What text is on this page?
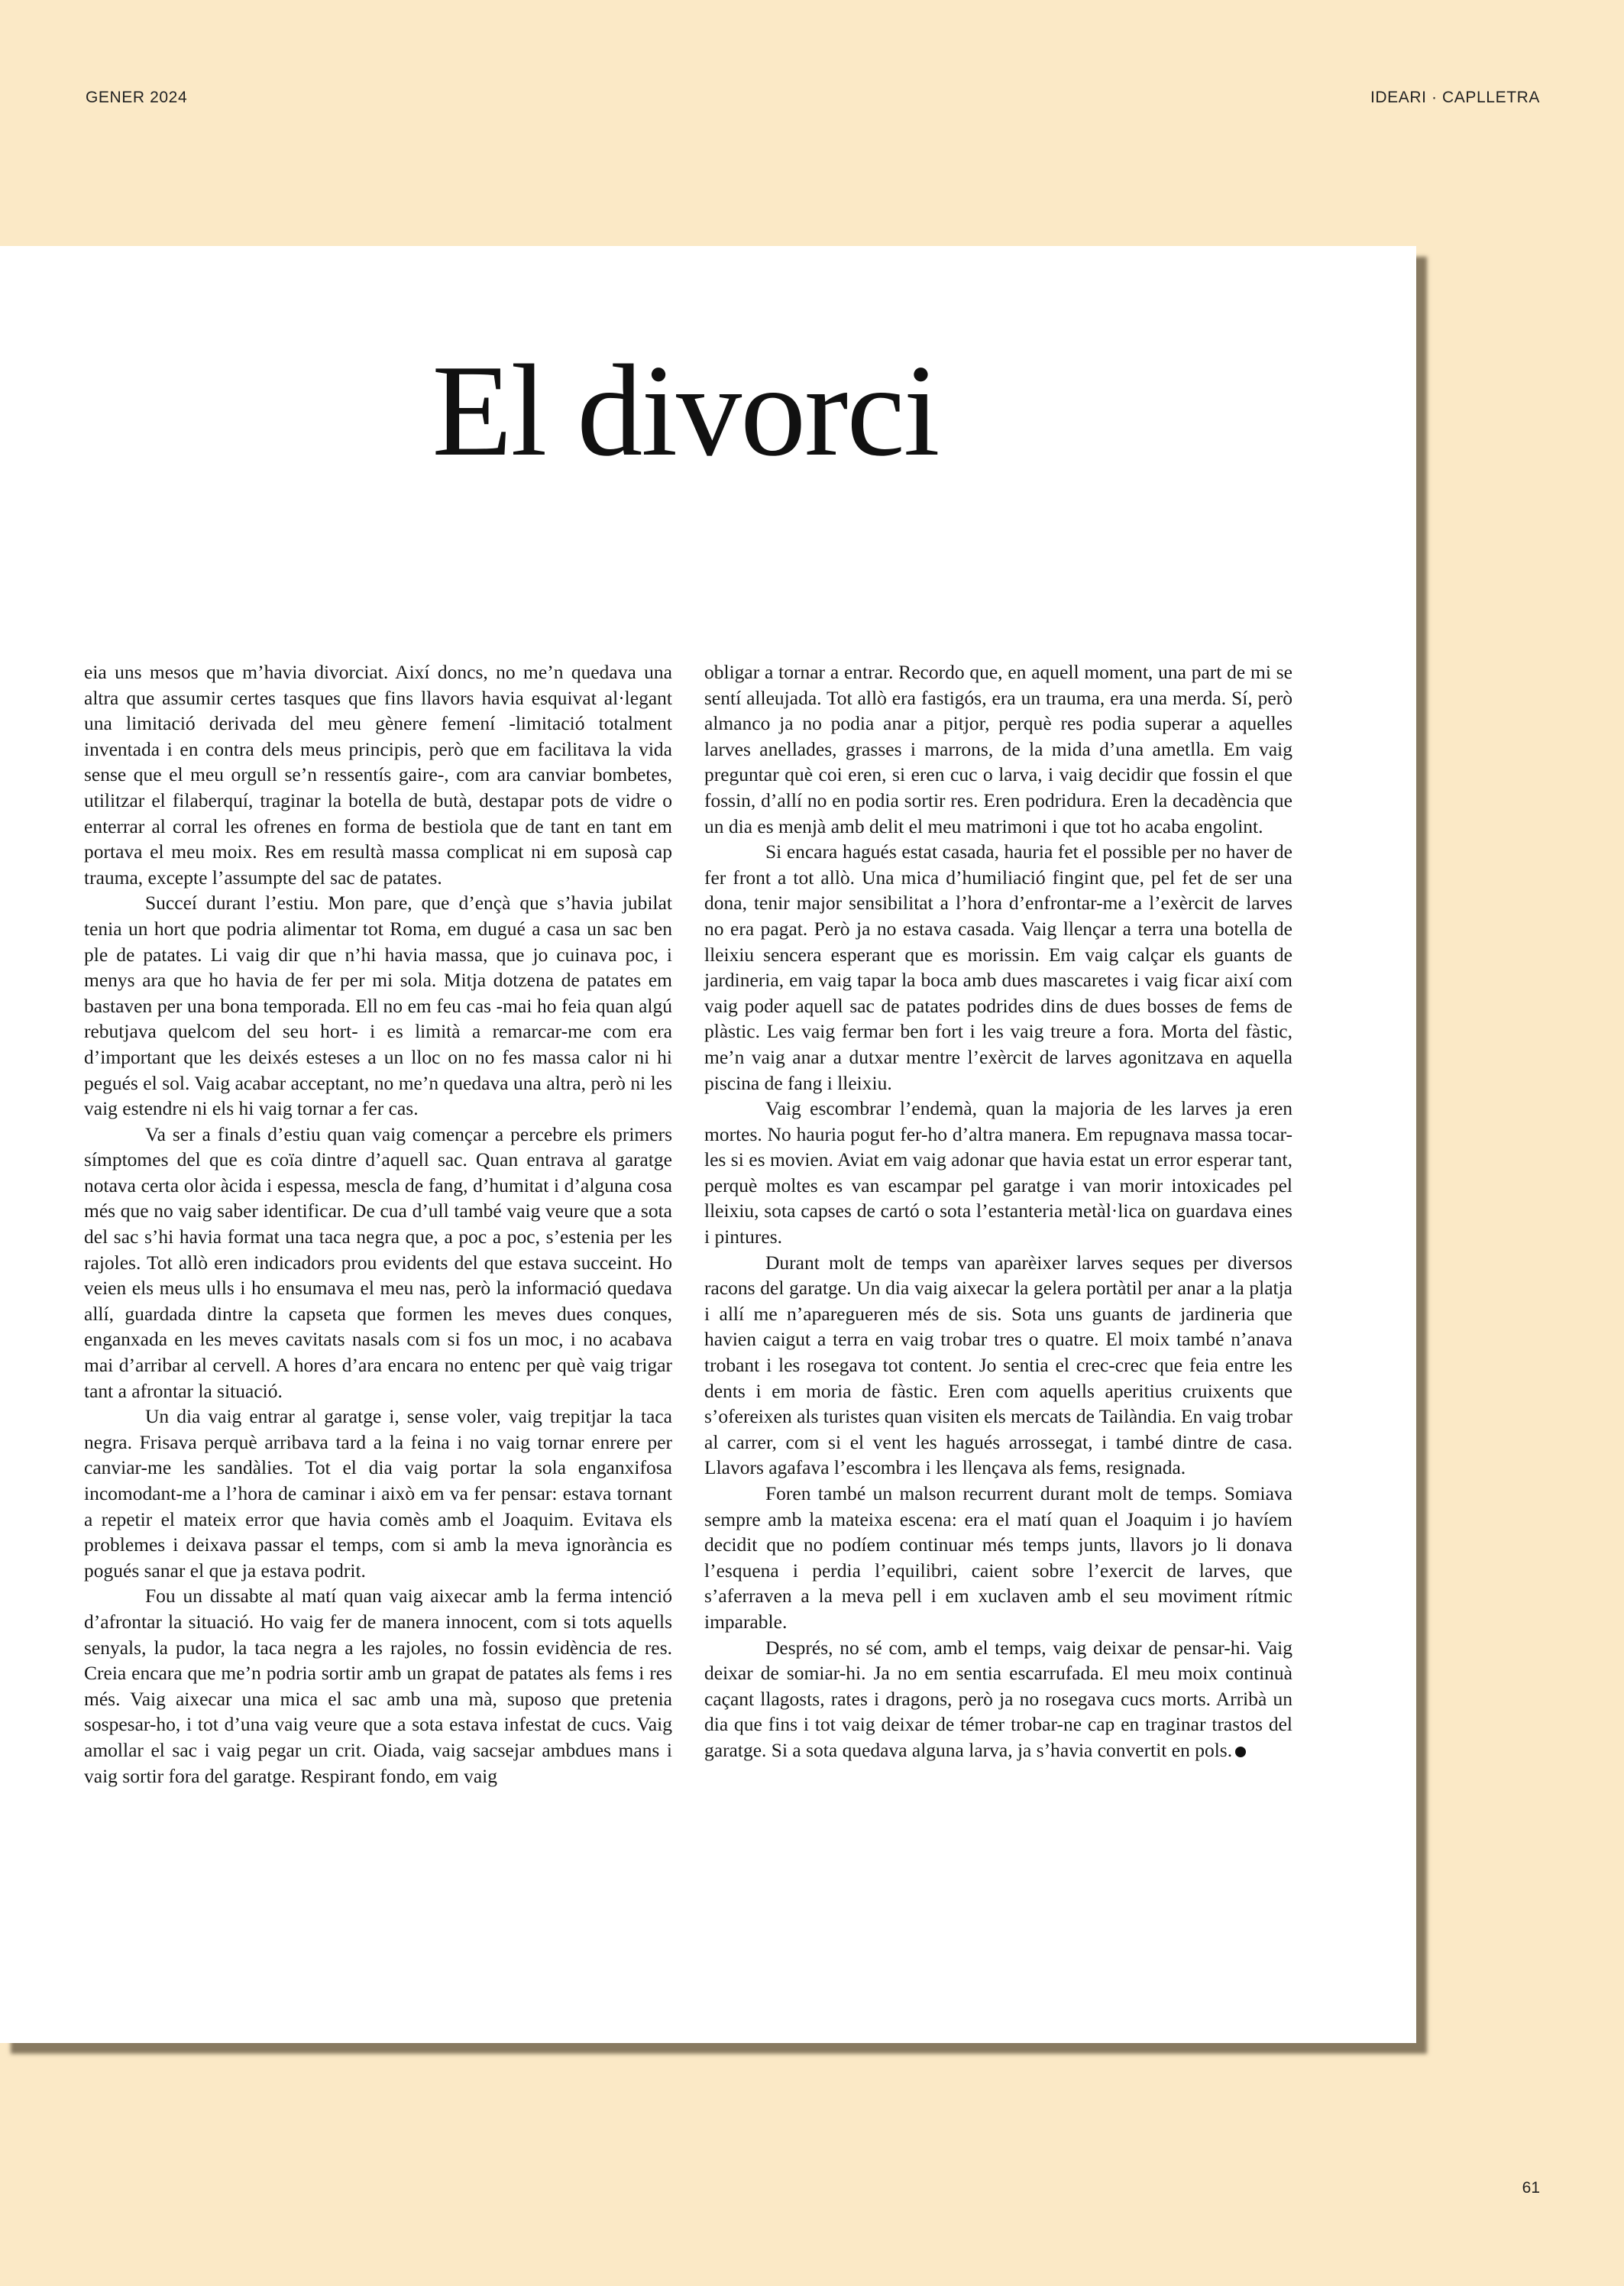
GENER 2024	IDEARI · CAPLLETRA
El divorci

eia uns mesos que m’havia divorciat. Així doncs, no me’n quedava una altra que assumir certes tasques que fins llavors havia esquivat al·legant una limitació derivada del meu gènere femení -limitació totalment inventada i en contra dels meus principis, però que em facilitava la vida sense que el meu orgull se’n ressentís gaire-, com ara canviar bombetes, utilitzar el filaberquí, traginar la botella de butà, destapar pots de vidre o enterrar al corral les ofrenes en forma de bestiola que de tant en tant em portava el meu moix. Res em resultà massa complicat ni em suposà cap trauma, excepte l’assumpte del sac de patates.

Succeí durant l’estiu. Mon pare, que d’ençà que s’havia jubilat tenia un hort que podria alimentar tot Roma, em dugué a casa un sac ben ple de patates. Li vaig dir que n’hi havia massa, que jo cuinava poc, i menys ara que ho havia de fer per mi sola. Mitja dotzena de patates em bastaven per una bona temporada. Ell no em feu cas -mai ho feia quan algú rebutjava quelcom del seu hort- i es limità a remarcar-me com era d’important que les deixés esteses a un lloc on no fes massa calor ni hi pegués el sol. Vaig acabar acceptant, no me’n quedava una altra, però ni les vaig estendre ni els hi vaig tornar a fer cas.

Va ser a finals d’estiu quan vaig començar a percebre els primers símptomes del que es coïa dintre d’aquell sac. Quan entrava al garatge notava certa olor àcida i espessa, mescla de fang, d’humitat i d’alguna cosa més que no vaig saber identificar. De cua d’ull també vaig veure que a sota del sac s’hi havia format una taca negra que, a poc a poc, s’estenia per les rajoles. Tot allò eren indicadors prou evidents del que estava succeint. Ho veien els meus ulls i ho ensumava el meu nas, però la informació quedava allí, guardada dintre la capseta que formen les meves dues conques, enganxada en les meves cavitats nasals com si fos un moc, i no acabava mai d’arribar al cervell. A hores d’ara encara no entenc per què vaig trigar tant a afrontar la situació.

Un dia vaig entrar al garatge i, sense voler, vaig trepitjar la taca negra. Frisava perquè arribava tard a la feina i no vaig tornar enrere per canviar-me les sandàlies. Tot el dia vaig portar la sola enganxifosa incomodant-me a l’hora de caminar i això em va fer pensar: estava tornant a repetir el mateix error que havia comès amb el Joaquim. Evitava els problemes i deixava passar el temps, com si amb la meva ignorància es pogués sanar el que ja estava podrit.

Fou un dissabte al matí quan vaig aixecar amb la ferma intenció d’afrontar la situació. Ho vaig fer de manera innocent, com si tots aquells senyals, la pudor, la taca negra a les rajoles, no fossin evidència de res. Creia encara que me’n podria sortir amb un grapat de patates als fems i res més. Vaig aixecar una mica el sac amb una mà, suposo que pretenia sospesar-ho, i tot d’una vaig veure que a sota estava infestat de cucs. Vaig amollar el sac i vaig pegar un crit. Oiada, vaig sacsejar ambdues mans i vaig sortir fora del garatge. Respirant fondo, em vaig

obligar a tornar a entrar. Recordo que, en aquell moment, una part de mi se sentí alleujada. Tot allò era fastigós, era un trauma, era una merda. Sí, però almanco ja no podia anar a pitjor, perquè res podia superar a aquelles larves anellades, grasses i marrons, de la mida d’una ametlla. Em vaig preguntar què coi eren, si eren cuc o larva, i vaig decidir que fossin el que fossin, d’allí no en podia sortir res. Eren podridura. Eren la decadència que un dia es menjà amb delit el meu matrimoni i que tot ho acaba engolint.

Si encara hagués estat casada, hauria fet el possible per no haver de fer front a tot allò. Una mica d’humiliació fingint que, pel fet de ser una dona, tenir major sensibilitat a l’hora d’enfrontar-me a l’exèrcit de larves no era pagat. Però ja no estava casada. Vaig llençar a terra una botella de lleixiu sencera esperant que es morissin. Em vaig calçar els guants de jardineria, em vaig tapar la boca amb dues mascaretes i vaig ficar així com vaig poder aquell sac de patates podrides dins de dues bosses de fems de plàstic. Les vaig fermar ben fort i les vaig treure a fora. Morta del fàstic, me’n vaig anar a dutxar mentre l’exèrcit de larves agonitzava en aquella piscina de fang i lleixiu.

Vaig escombrar l’endemà, quan la majoria de les larves ja eren mortes. No hauria pogut fer-ho d’altra manera. Em repugnava massa tocar-les si es movien. Aviat em vaig adonar que havia estat un error esperar tant, perquè moltes es van escampar pel garatge i van morir intoxicades pel lleixiu, sota capses de cartó o sota l’estanteria metàl·lica on guardava eines i pintures.

Durant molt de temps van aparèixer larves seques per diversos racons del garatge. Un dia vaig aixecar la gelera portàtil per anar a la platja i allí me n’aparegueren més de sis. Sota uns guants de jardineria que havien caigut a terra en vaig trobar tres o quatre. El moix també n’anava trobant i les rosegava tot content. Jo sentia el crec-crec que feia entre les dents i em moria de fàstic. Eren com aquells aperitius cruixents que s’ofereixen als turistes quan visiten els mercats de Tailàndia. En vaig trobar al carrer, com si el vent les hagués arrossegat, i també dintre de casa. Llavors agafava l’escombra i les llençava als fems, resignada.

Foren també un malson recurrent durant molt de temps. Somiava sempre amb la mateixa escena: era el matí quan el Joaquim i jo havíem decidit que no podíem continuar més temps junts, llavors jo li donava l’esquena i perdia l’equilibri, caient sobre l’exercit de larves, que s’aferraven a la meva pell i em xuclaven amb el seu moviment rítmic imparable.

Després, no sé com, amb el temps, vaig deixar de pensar-hi. Vaig deixar de somiar-hi. Ja no em sentia escarrufada. El meu moix continuà caçant llagosts, rates i dragons, però ja no rosegava cucs morts. Arribà un dia que fins i tot vaig deixar de témer trobar-ne cap en traginar trastos del garatge. Si a sota quedava alguna larva, ja s’havia convertit en pols.

61
